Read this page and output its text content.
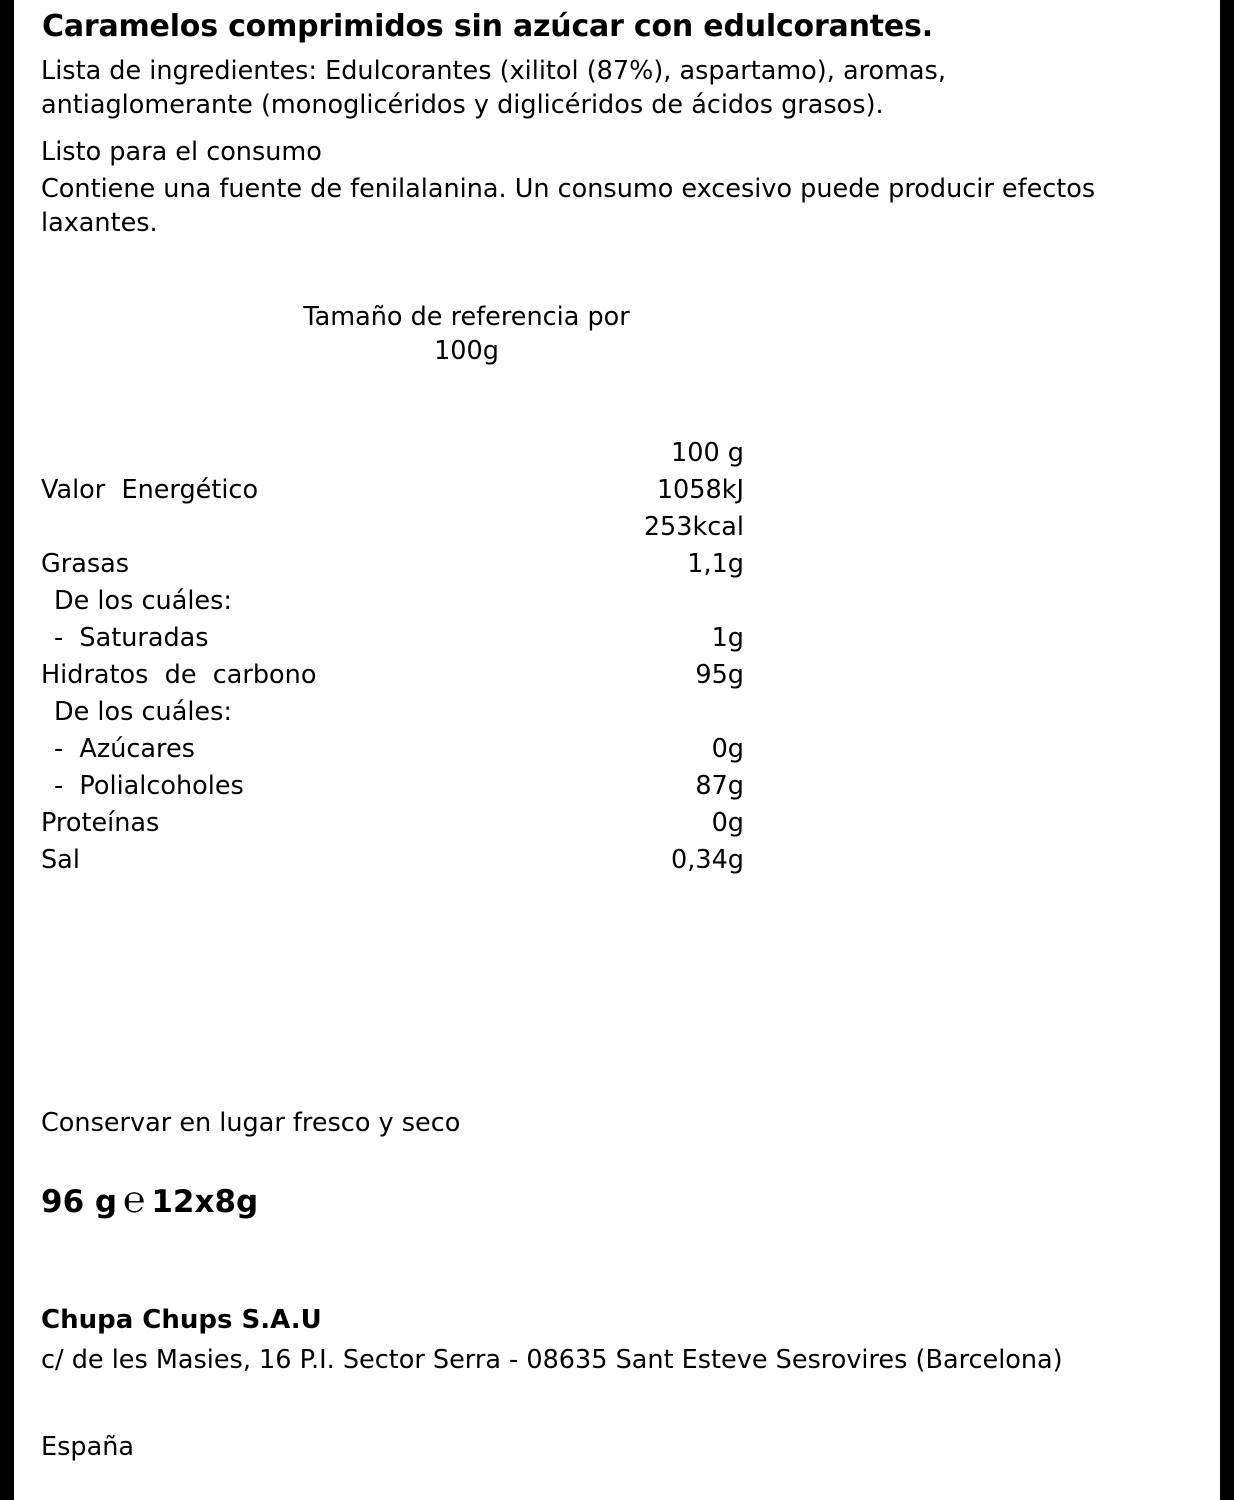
Caramelos comprimidos sin azúcar con edulcorantes.

Lista de ingredientes: Edulcorantes (xilitol (87%), aspartamo), aromas,

antiaglomerante (monoglicéridos y diglicéridos de ácidos grasos).

Listo para el consumo
Contiene una fuente de fenilalanina. Un consumo excesivo puede producir efectos laxantes.
Tamaño de referencia por
100g
100 g
Valor  Energético	1058kJ
253kcal
Grasas	1,1g
De los cuáles:
-  Saturadas	1g
Hidratos  de  carbono	95g
De los cuáles:
-  Azúcares	0g
-  Polialcoholes	87g
Proteínas	0g
Sal	0,34g
Conservar en lugar fresco y seco
96 g ℮ 12x8g
Chupa Chups S.A.U
c/ de les Masies, 16 P.I. Sector Serra - 08635 Sant Esteve Sesrovires (Barcelona)
España
